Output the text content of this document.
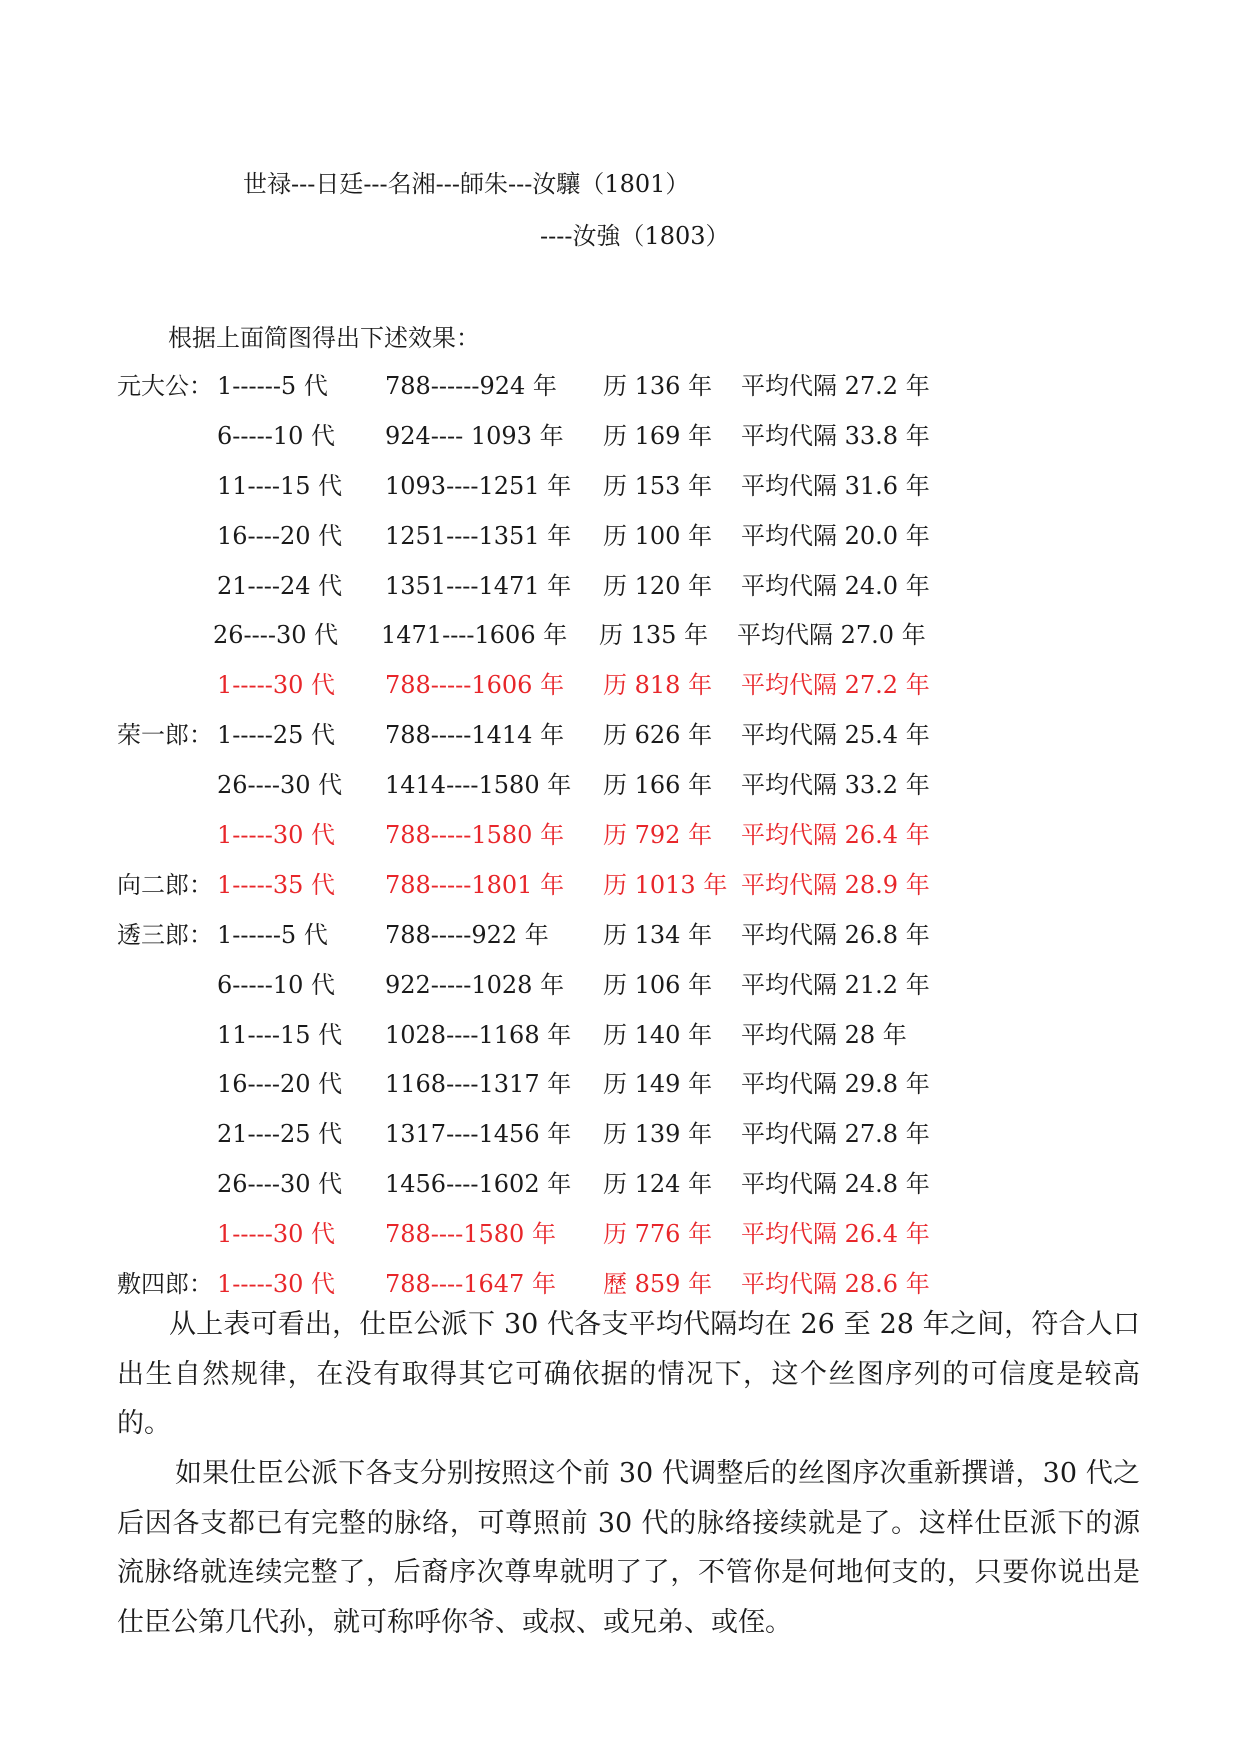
世禄---日廷---名湘---師朱---汝驤（1801）
----汝強（1803）
根据上面简图得出下述效果：
元大公： 1------5 代 788------924 年 历 136 年 平均代隔 27.2 年
6-----10 代 924---- 1093 年 历 169 年 平均代隔 33.8 年
11----15 代 1093----1251 年 历 153 年 平均代隔 31.6 年
16----20 代 1251----1351 年 历 100 年 平均代隔 20.0 年
21----24 代 1351----1471 年 历 120 年 平均代隔 24.0 年
26----30 代 1471----1606 年 历 135 年 平均代隔 27.0 年
1-----30 代 788-----1606 年 历 818 年 平均代隔 27.2 年
荣一郎： 1-----25 代 788-----1414 年 历 626 年 平均代隔 25.4 年
26----30 代 1414----1580 年 历 166 年 平均代隔 33.2 年
1-----30 代 788-----1580 年 历 792 年 平均代隔 26.4 年
向二郎： 1-----35 代 788-----1801 年 历 1013 年 平均代隔 28.9 年
透三郎： 1------5 代 788-----922 年 历 134 年 平均代隔 26.8 年
6-----10 代 922-----1028 年 历 106 年 平均代隔 21.2 年
11----15 代 1028----1168 年 历 140 年 平均代隔 28 年
16----20 代 1168----1317 年 历 149 年 平均代隔 29.8 年
21----25 代 1317----1456 年 历 139 年 平均代隔 27.8 年
26----30 代 1456----1602 年 历 124 年 平均代隔 24.8 年
1-----30 代 788----1580 年 历 776 年 平均代隔 26.4 年
敷四郎： 1-----30 代 788----1647 年 歷 859 年 平均代隔 28.6 年

从上表可看出，仕臣公派下 30 代各支平均代隔均在 26 至 28 年之间，符合人口出生自然规律，在没有取得其它可确依据的情况下，这个丝图序列的可信度是较高的。

如果仕臣公派下各支分别按照这个前 30 代调整后的丝图序次重新撰谱，30 代之后因各支都已有完整的脉络，可尊照前 30 代的脉络接续就是了。这样仕臣派下的源流脉络就连续完整了，后裔序次尊卑就明了了，不管你是何地何支的，只要你说出是仕臣公第几代孙，就可称呼你爷、或叔、或兄弟、或侄。
